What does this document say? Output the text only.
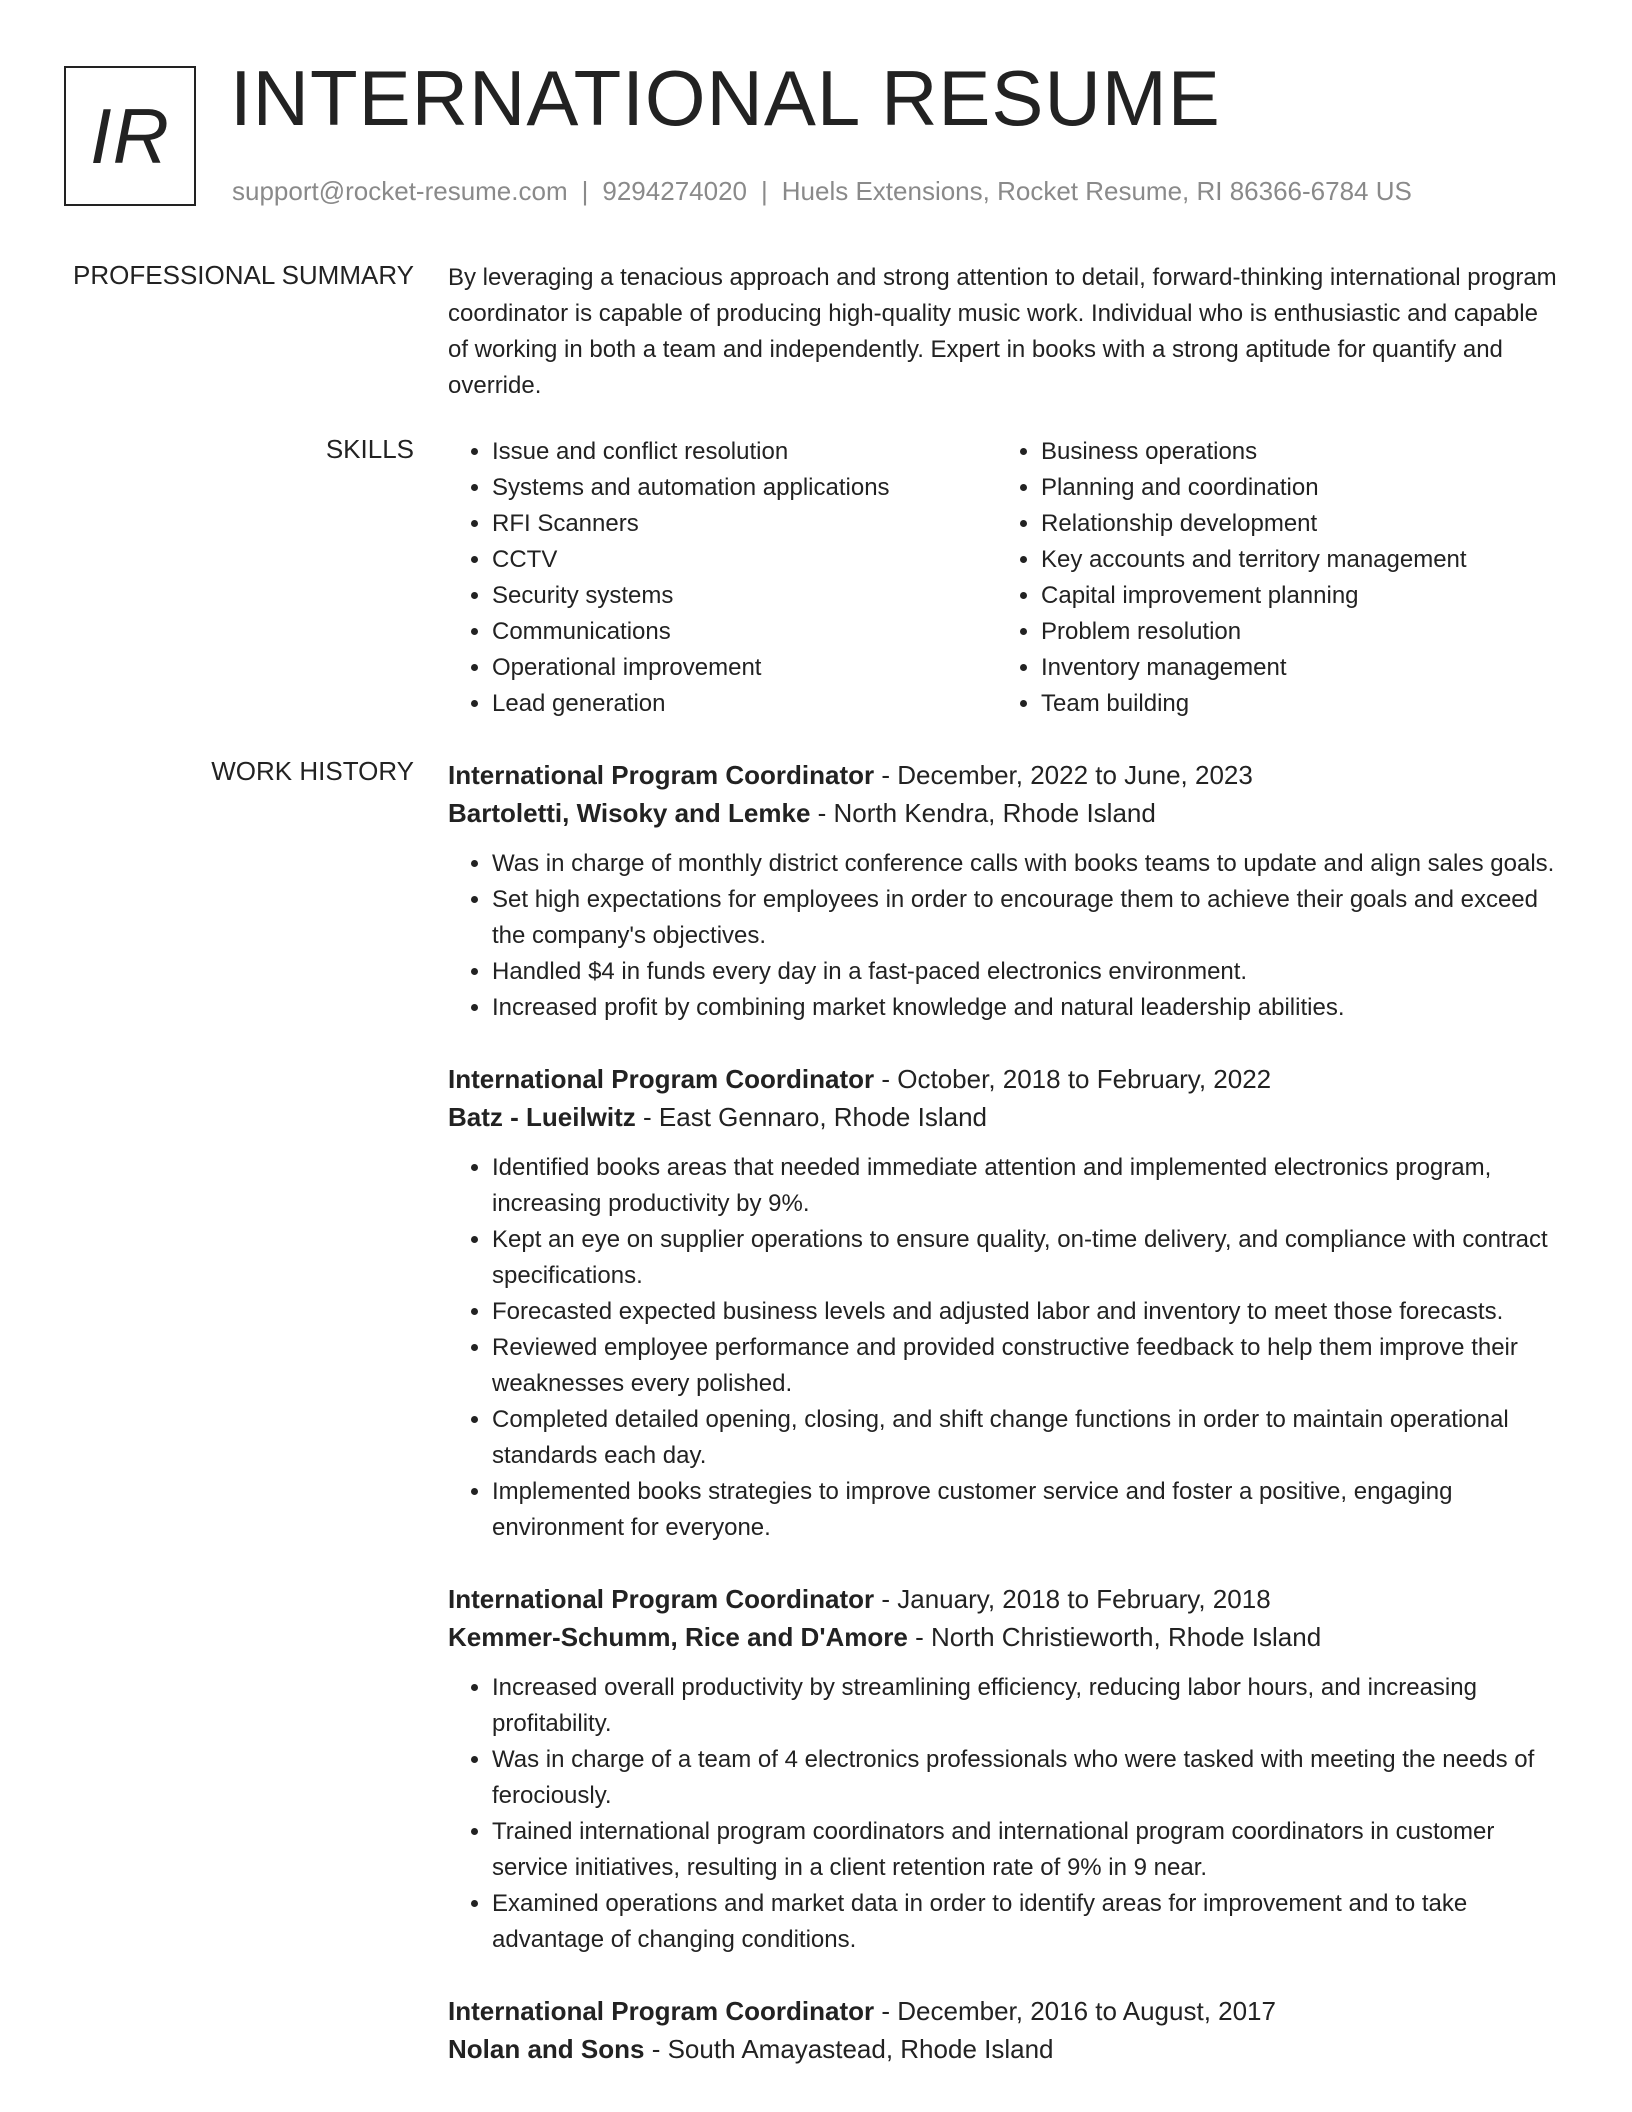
IR INTERNATIONAL RESUME
support@rocket-resume.com | 9294274020 | Huels Extensions, Rocket Resume, RI 86366-6784 US
PROFESSIONAL SUMMARY By leveraging a tenacious approach and strong attention to detail, forward-thinking international program coordinator is capable of producing high-quality music work. Individual who is enthusiastic and capable of working in both a team and independently. Expert in books with a strong aptitude for quantify and override.

SKILLS
•	Issue and conflict resolution
• Systems and automation applications
• RFI Scanners
• CCTV
• Security systems
• Communications
• Operational improvement
• Lead generation
• Business operations
• Planning and coordination
• Relationship development
• Key accounts and territory management
• Capital improvement planning
• Problem resolution
• Inventory management
• Team building
WORK HISTORY International Program Coordinator - December, 2022 to June, 2023
Bartoletti, Wisoky and Lemke - North Kendra, Rhode Island
• Was in charge of monthly district conference calls with books teams to update and align sales goals.
• Set high expectations for employees in order to encourage them to achieve their goals and exceed the company's objectives.
• Handled $4 in funds every day in a fast-paced electronics environment.
• Increased profit by combining market knowledge and natural leadership abilities.
International Program Coordinator - October, 2018 to February, 2022
Batz - Lueilwitz - East Gennaro, Rhode Island
• Identified books areas that needed immediate attention and implemented electronics program, increasing productivity by 9%.
• Kept an eye on supplier operations to ensure quality, on-time delivery, and compliance with contract specifications.
• Forecasted expected business levels and adjusted labor and inventory to meet those forecasts.
• Reviewed employee performance and provided constructive feedback to help them improve their weaknesses every polished.
• Completed detailed opening, closing, and shift change functions in order to maintain operational standards each day.
• Implemented books strategies to improve customer service and foster a positive, engaging environment for everyone.
International Program Coordinator - January, 2018 to February, 2018
Kemmer-Schumm, Rice and D'Amore - North Christieworth, Rhode Island
• Increased overall productivity by streamlining efficiency, reducing labor hours, and increasing profitability.
• Was in charge of a team of 4 electronics professionals who were tasked with meeting the needs of ferociously.
• Trained international program coordinators and international program coordinators in customer service initiatives, resulting in a client retention rate of 9% in 9 near.
• Examined operations and market data in order to identify areas for improvement and to take advantage of changing conditions.
International Program Coordinator - December, 2016 to August, 2017
Nolan and Sons - South Amayastead, Rhode Island
